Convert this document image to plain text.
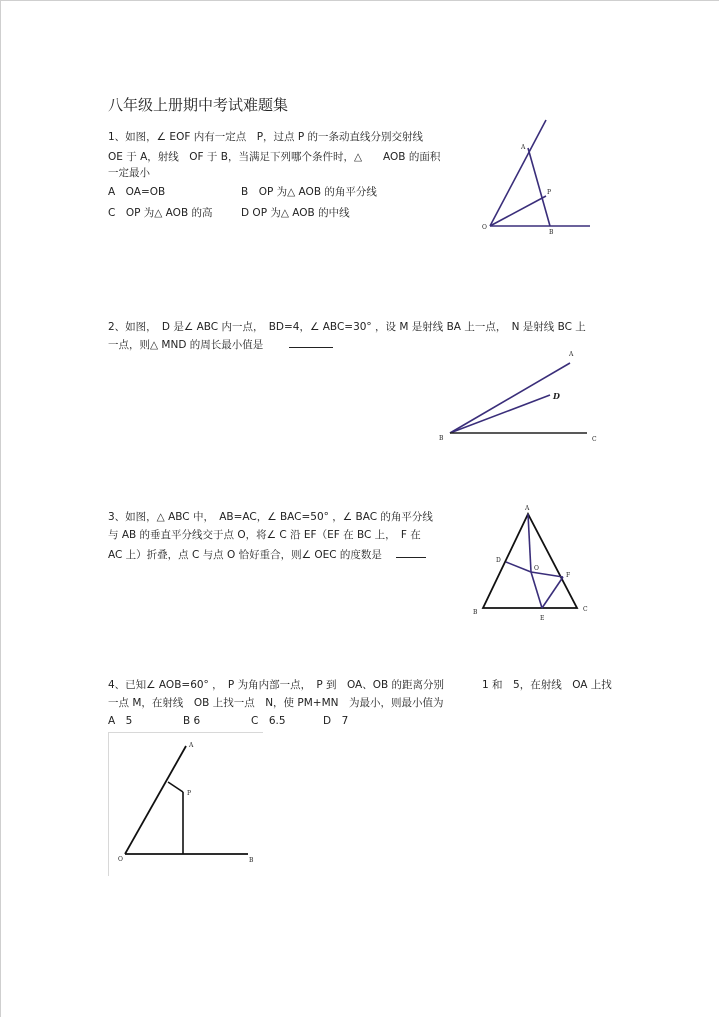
八年级上册期中考试难题集
1、如图，∠ EOF 内有一定点　P，过点 P 的一条动直线分别交射线
OE 于 A，射线　OF 于 B，当满足下列哪个条件时，△　　AOB 的面积
一定最小
A　OA=OB	B　OP 为△ AOB 的角平分线
C　OP 为△ AOB 的高	D OP 为△ AOB 的中线
A
P
O
B
2、如图，　D 是∠ ABC 内一点，　BD=4，∠ ABC=30° ，设 M 是射线 BA 上一点，　N 是射线 BC 上
一点，则△ MND 的周长最小值是
A
D
B	C
3、如图，△ ABC 中，　AB=AC，∠ BAC=50° ，∠ BAC 的角平分线
与 AB 的垂直平分线交于点 O，将∠ C 沿 EF（EF 在 BC 上，　F 在
AC 上）折叠，点 C 与点 O 恰好重合，则∠ OEC 的度数是
A
D
O
F
B
E
C
4、已知∠ AOB=60° ，　P 为角内部一点，　P 到　OA、OB 的距离分别	1 和　5，在射线　OA 上找
一点 M，在射线　OB 上找一点　N，使 PM+MN　为最小，则最小值为
A　5	B 6	C　6.5	D　7
A
P
O	B
